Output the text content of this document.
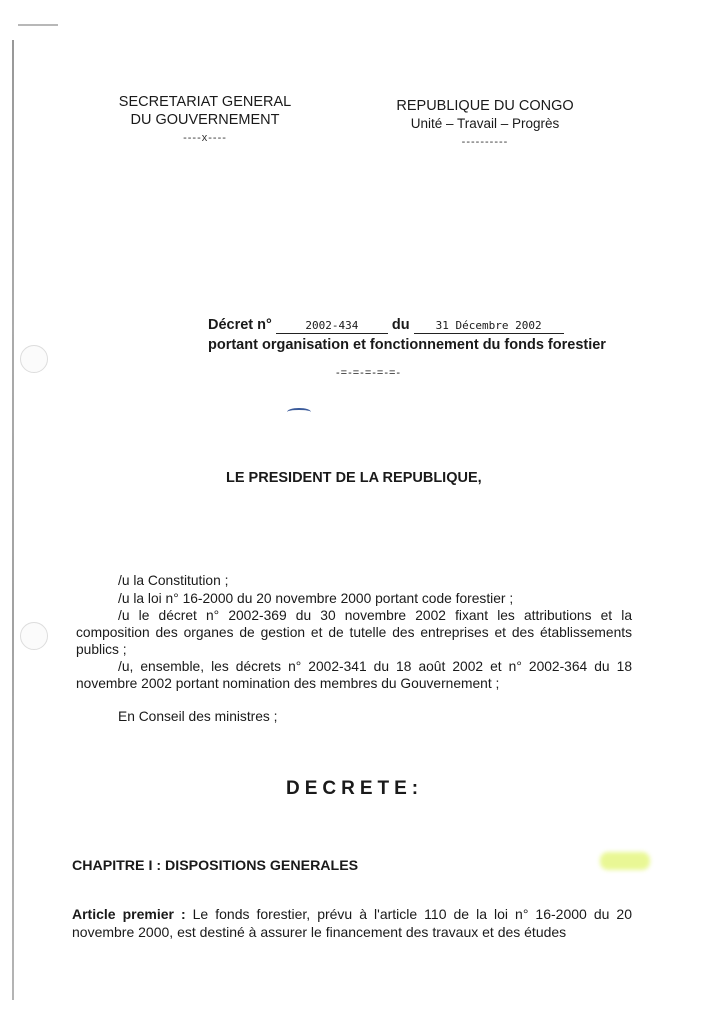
SECRETARIAT GENERAL
DU GOUVERNEMENT
----x----
REPUBLIQUE DU CONGO
Unité – Travail – Progrès
----------
Décret n°	2002-434 du 31 Décembre 2002
portant organisation et fonctionnement du fonds forestier
-=-=-=-=-=-
LE PRESIDENT DE LA REPUBLIQUE,
/u la Constitution ;
/u la loi n° 16-2000 du 20 novembre 2000 portant code forestier ;
/u le décret n° 2002-369 du 30 novembre 2002 fixant les attributions et la composition des organes de gestion et de tutelle des entreprises et des établissements publics ;
/u, ensemble, les décrets n° 2002-341 du 18 août 2002 et n° 2002-364 du 18 novembre 2002 portant nomination des membres du Gouvernement ;
En Conseil des ministres ;
DECRETE:
CHAPITRE I : DISPOSITIONS GENERALES
Article premier : Le fonds forestier, prévu à l'article 110 de la loi n° 16-2000 du 20 novembre 2000, est destiné à assurer le financement des travaux et des études
